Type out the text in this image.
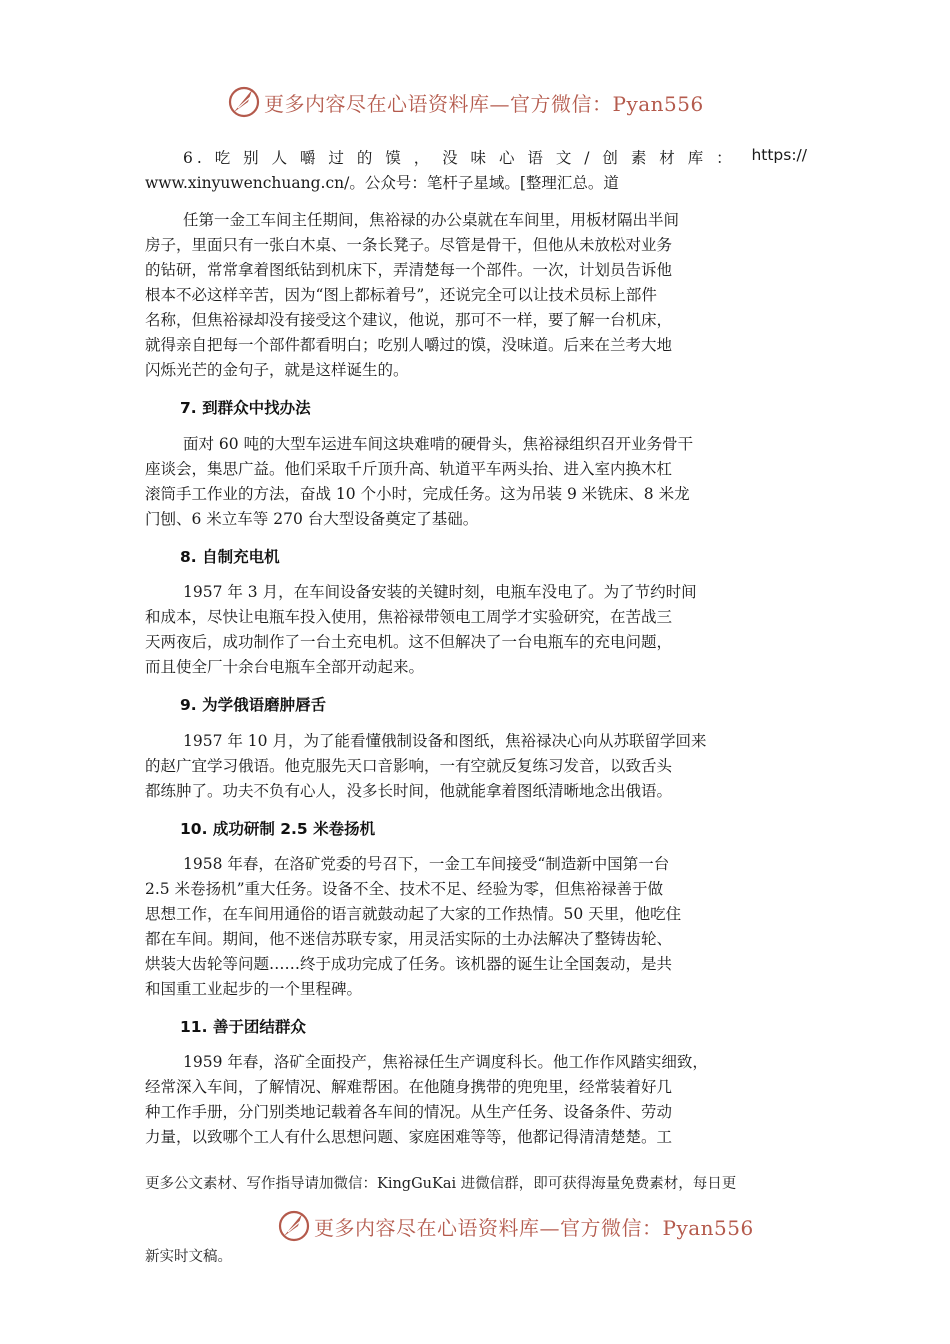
更多内容尽在心语资料库—官方微信：Pyan556
6. 吃 别 人 嚼 过 的 馍 ， 没 味 心 语 文 / 创 素 材 库 ： https://
www.xinyuwenchuang.cn/。公众号：笔杆子星域。[整理汇总。道
任第一金工车间主任期间，焦裕禄的办公桌就在车间里，用板材隔出半间
房子，里面只有一张白木桌、一条长凳子。尽管是骨干，但他从未放松对业务
的钻研，常常拿着图纸钻到机床下，弄清楚每一个部件。一次，计划员告诉他
根本不必这样辛苦，因为“图上都标着号”，还说完全可以让技术员标上部件
名称，但焦裕禄却没有接受这个建议，他说，那可不一样，要了解一台机床，
就得亲自把每一个部件都看明白；吃别人嚼过的馍，没味道。后来在兰考大地
闪烁光芒的金句子，就是这样诞生的。
7. 到群众中找办法
面对 60 吨的大型车运进车间这块难啃的硬骨头，焦裕禄组织召开业务骨干
座谈会，集思广益。他们采取千斤顶升高、轨道平车两头抬、进入室内换木杠
滚筒手工作业的方法，奋战 10 个小时，完成任务。这为吊装 9 米铣床、8 米龙
门刨、6 米立车等 270 台大型设备奠定了基础。
8. 自制充电机
1957 年 3 月，在车间设备安装的关键时刻，电瓶车没电了。为了节约时间
和成本，尽快让电瓶车投入使用，焦裕禄带领电工周学才实验研究，在苦战三
天两夜后，成功制作了一台土充电机。这不但解决了一台电瓶车的充电问题，
而且使全厂十余台电瓶车全部开动起来。
9. 为学俄语磨肿唇舌
1957 年 10 月，为了能看懂俄制设备和图纸，焦裕禄决心向从苏联留学回来
的赵广宜学习俄语。他克服先天口音影响，一有空就反复练习发音，以致舌头
都练肿了。功夫不负有心人，没多长时间，他就能拿着图纸清晰地念出俄语。
10. 成功研制 2.5 米卷扬机
1958 年春，在洛矿党委的号召下，一金工车间接受“制造新中国第一台
2.5 米卷扬机”重大任务。设备不全、技术不足、经验为零，但焦裕禄善于做
思想工作，在车间用通俗的语言就鼓动起了大家的工作热情。50 天里，他吃住
都在车间。期间，他不迷信苏联专家，用灵活实际的土办法解决了整铸齿轮、
烘装大齿轮等问题……终于成功完成了任务。该机器的诞生让全国轰动，是共
和国重工业起步的一个里程碑。
11. 善于团结群众
1959 年春，洛矿全面投产，焦裕禄任生产调度科长。他工作作风踏实细致，
经常深入车间，了解情况、解难帮困。在他随身携带的兜兜里，经常装着好几
种工作手册，分门别类地记载着各车间的情况。从生产任务、设备条件、劳动
力量，以致哪个工人有什么思想问题、家庭困难等等，他都记得清清楚楚。工
更多公文素材、写作指导请加微信：KingGuKai 进微信群，即可获得海量免费素材，每日更
更多内容尽在心语资料库—官方微信：Pyan556
新实时文稿。
